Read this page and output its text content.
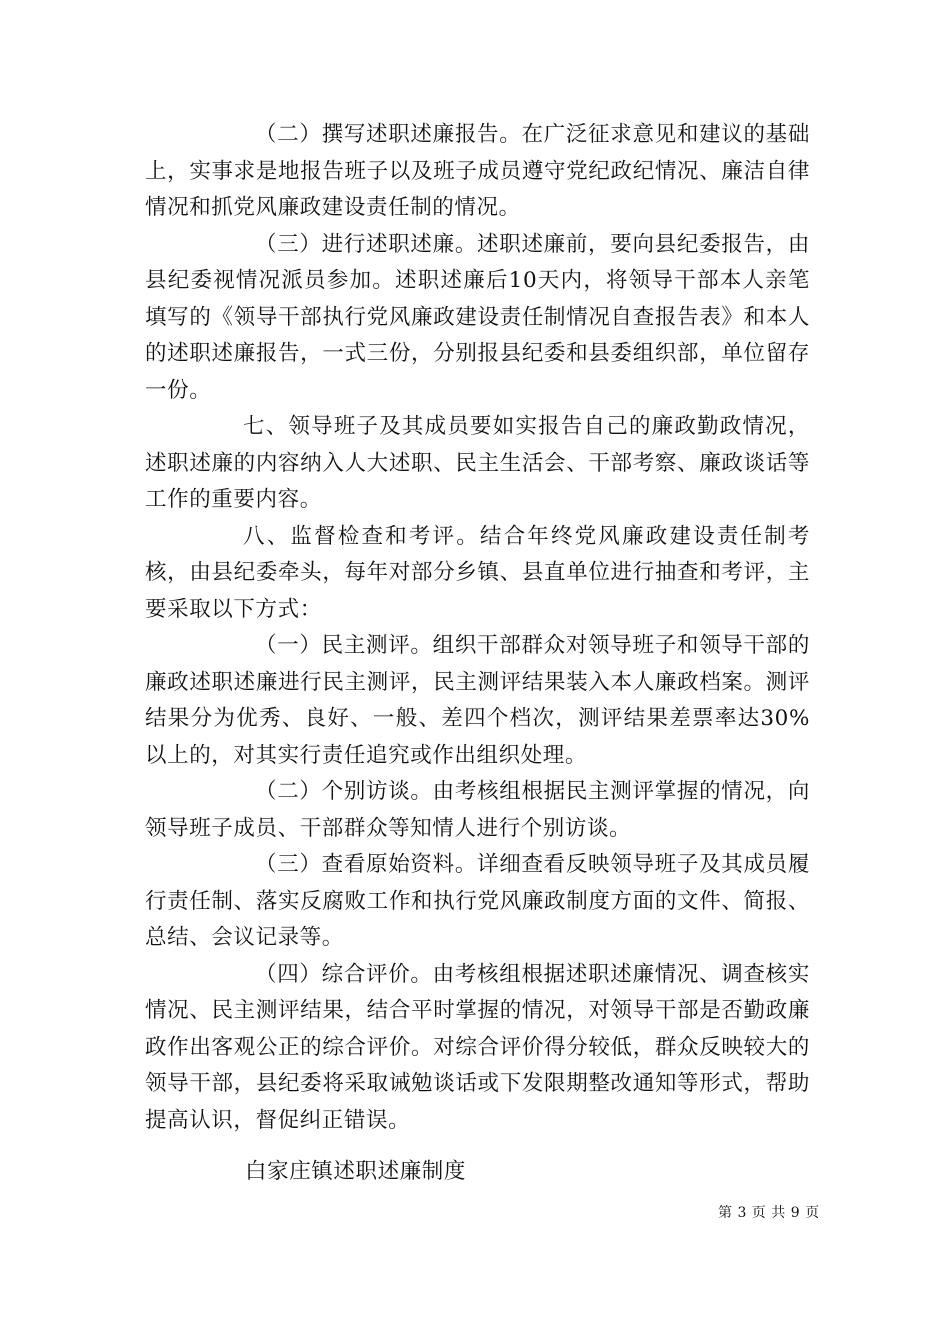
（二）撰写述职述廉报告。在广泛征求意见和建议的基础上，实事求是地报告班子以及班子成员遵守党纪政纪情况、廉洁自律情况和抓党风廉政建设责任制的情况。

（三）进行述职述廉。述职述廉前，要向县纪委报告，由县纪委视情况派员参加。述职述廉后10天内，将领导干部本人亲笔填写的《领导干部执行党风廉政建设责任制情况自查报告表》和本人的述职述廉报告，一式三份，分别报县纪委和县委组织部，单位留存一份。

七、领导班子及其成员要如实报告自己的廉政勤政情况，述职述廉的内容纳入人大述职、民主生活会、干部考察、廉政谈话等工作的重要内容。

八、监督检查和考评。结合年终党风廉政建设责任制考核，由县纪委牵头，每年对部分乡镇、县直单位进行抽查和考评，主要采取以下方式：

（一）民主测评。组织干部群众对领导班子和领导干部的廉政述职述廉进行民主测评，民主测评结果装入本人廉政档案。测评结果分为优秀、良好、一般、差四个档次，测评结果差票率达30%以上的，对其实行责任追究或作出组织处理。

（二）个别访谈。由考核组根据民主测评掌握的情况，向领导班子成员、干部群众等知情人进行个别访谈。

（三）查看原始资料。详细查看反映领导班子及其成员履行责任制、落实反腐败工作和执行党风廉政制度方面的文件、简报、总结、会议记录等。

（四）综合评价。由考核组根据述职述廉情况、调查核实情况、民主测评结果，结合平时掌握的情况，对领导干部是否勤政廉政作出客观公正的综合评价。对综合评价得分较低，群众反映较大的领导干部，县纪委将采取诫勉谈话或下发限期整改通知等形式，帮助提高认识，督促纠正错误。

白家庄镇述职述廉制度
第 3 页 共 9 页
